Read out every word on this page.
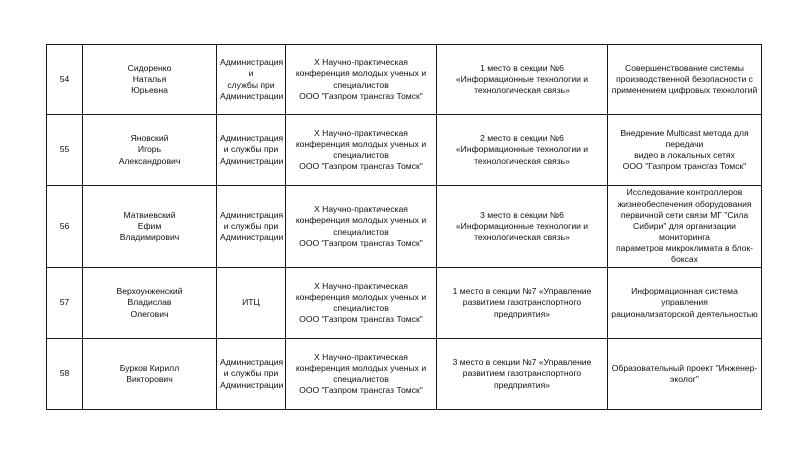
54	Сидоренко
Наталья
Юрьевна	Администрация
и
службы при
Администрации	X Научно-практическая
конференция молодых ученых и
специалистов
ООО "Газпром трансгаз Томск"	1 место в секции №6
«Информационные технологии и
технологическая связь»	Совершенствование системы
производственной безопасности с
применением цифровых технологий
55	Яновский
Игорь
Александрович	Администрация
и службы при
Администрации	X Научно-практическая
конференция молодых ученых и
специалистов
ООО "Газпром трансгаз Томск"	2 место в секции №6
«Информационные технологии и
технологическая связь»	Внедрение Multicast метода для передачи
видео в локальных сетях
ООО "Газпром трансгаз Томск"
56	Матвиевский
Ефим
Владимирович	Администрация
и службы при
Администрации	X Научно-практическая
конференция молодых ученых и
специалистов
ООО "Газпром трансгаз Томск"	3 место в секции №6
«Информационные технологии и
технологическая связь»	Исследование контроллеров
жизнеобеспечения оборудования
первичной сети связи МГ "Сила
Сибири" для организации мониторинга
параметров микроклимата в блок-боксах
57	Верхоунженский
Владислав
Олегович	ИТЦ	X Научно-практическая
конференция молодых ученых и
специалистов
ООО "Газпром трансгаз Томск"	1 место в секции №7 «Управление
развитием газотранспортного
предприятия»	Информационная система управления
рационализаторской деятельностью
58	Бурков Кирилл
Викторович	Администрация
и службы при
Администрации	X Научно-практическая
конференция молодых ученых и
специалистов
ООО "Газпром трансгаз Томск"	3 место в секции №7 «Управление
развитием газотранспортного
предприятия»	Образовательный проект "Инженер-эколог"
